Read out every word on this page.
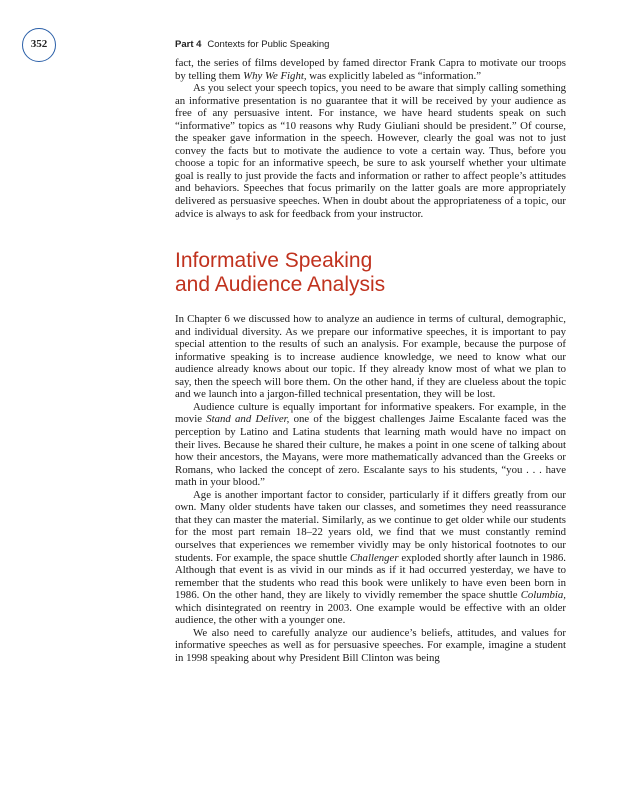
352	Part 4 Contexts for Public Speaking

fact, the series of films developed by famed director Frank Capra to motivate our troops by telling them Why We Fight, was explicitly labeled as “information.”

As you select your speech topics, you need to be aware that simply calling something an informative presentation is no guarantee that it will be received by your audience as free of any persuasive intent. For instance, we have heard students speak on such “informative” topics as “10 reasons why Rudy Giuliani should be president.” Of course, the speaker gave information in the speech. However, clearly the goal was not to just convey the facts but to motivate the audience to vote a certain way. Thus, before you choose a topic for an informative speech, be sure to ask yourself whether your ultimate goal is really to just provide the facts and information or rather to affect people’s attitudes and behaviors. Speeches that focus primarily on the latter goals are more appropriately delivered as persuasive speeches. When in doubt about the appropriateness of a topic, our advice is always to ask for feedback from your instructor.

Informative Speaking
and Audience Analysis

In Chapter 6 we discussed how to analyze an audience in terms of cultural, demographic, and individual diversity. As we prepare our informative speeches, it is important to pay special attention to the results of such an analysis. For example, because the purpose of informative speaking is to increase audience knowledge, we need to know what our audience already knows about our topic. If they already know most of what we plan to say, then the speech will bore them. On the other hand, if they are clueless about the topic and we launch into a jargon-filled technical presentation, they will be lost.

Audience culture is equally important for informative speakers. For example, in the movie Stand and Deliver, one of the biggest challenges Jaime Escalante faced was the perception by Latino and Latina students that learning math would have no impact on their lives. Because he shared their culture, he makes a point in one scene of talking about how their ancestors, the Mayans, were more mathematically advanced than the Greeks or Romans, who lacked the concept of zero. Escalante says to his students, “you . . . have math in your blood.”

Age is another important factor to consider, particularly if it differs greatly from our own. Many older students have taken our classes, and sometimes they need reassurance that they can master the material. Similarly, as we continue to get older while our students for the most part remain 18–22 years old, we find that we must constantly remind ourselves that experiences we remember vividly may be only historical footnotes to our students. For example, the space shuttle Challenger exploded shortly after launch in 1986. Although that event is as vivid in our minds as if it had occurred yesterday, we have to remember that the students who read this book were unlikely to have even been born in 1986. On the other hand, they are likely to vividly remember the space shuttle Columbia, which disintegrated on reentry in 2003. One example would be effective with an older audience, the other with a younger one.

We also need to carefully analyze our audience’s beliefs, attitudes, and values for informative speeches as well as for persuasive speeches. For example, imagine a student in 1998 speaking about why President Bill Clinton was being
